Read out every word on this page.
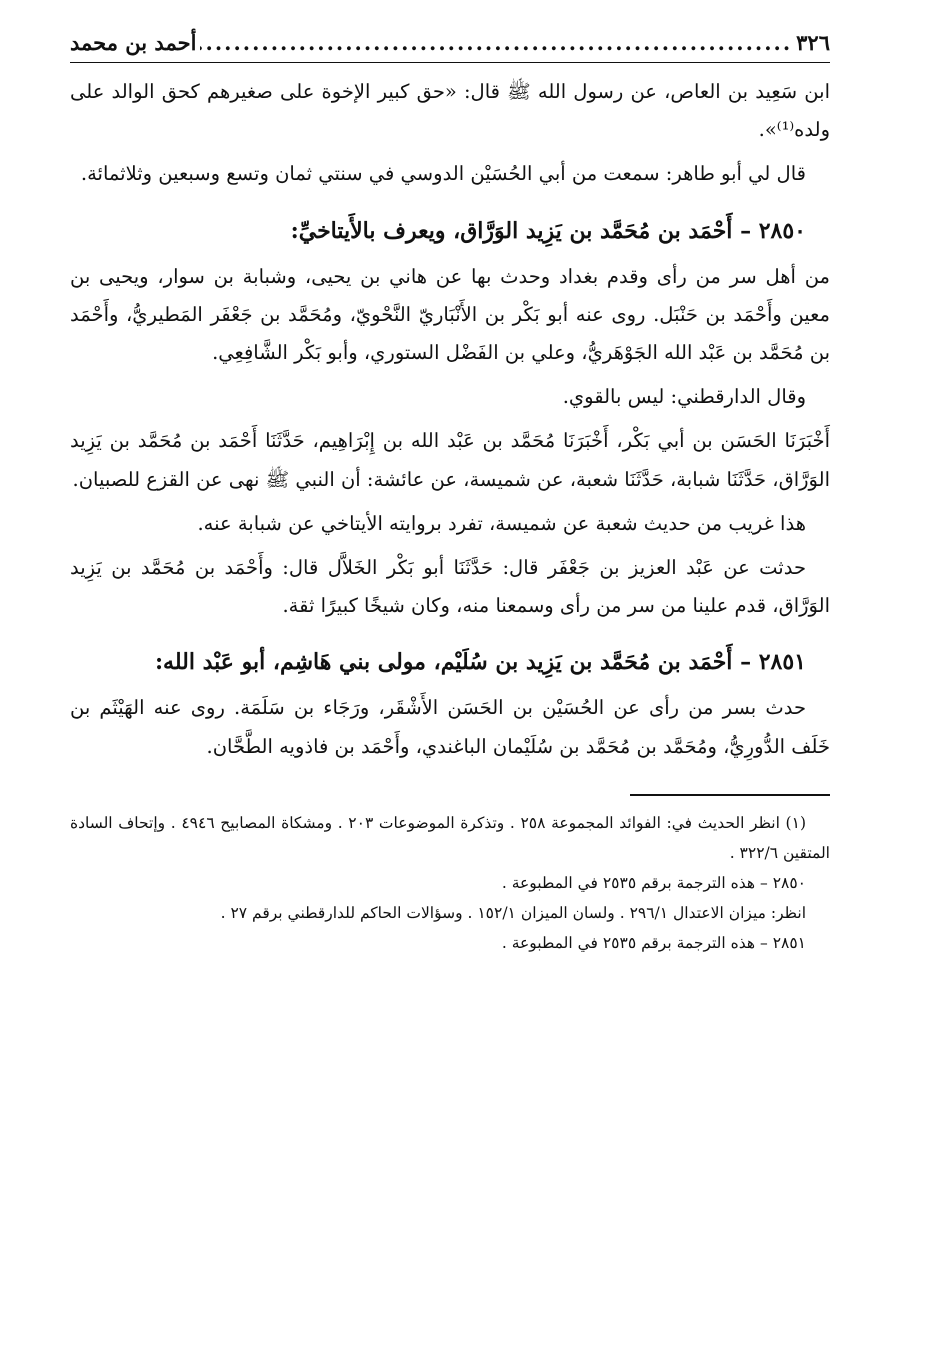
٣٢٦
.....
أحمد بن محمد

ابن سَعِيد بن العاص، عن رسول الله ﷺ قال: «حق كبير الإخوة على صغيرهم كحق الوالد على ولده⁽¹⁾».

قال لي أبو طاهر: سمعت من أبي الحُسَيْن الدوسي في سنتي ثمان وتسع وسبعين وثلاثمائة.

٢٨٥٠ – أَحْمَد بن مُحَمَّد بن يَزِيد الوَرَّاق، ويعرف بالأَيتاخيِّ:

من أهل سر من رأى وقدم بغداد وحدث بها عن هاني بن يحيى، وشبابة بن سوار، ويحيى بن معين وأَحْمَد بن حَنْبَل. روى عنه أبو بَكْر بن الأَنْبَاريّ النَّحْويّ، ومُحَمَّد بن جَعْفَر المَطيريُّ، وأَحْمَد بن مُحَمَّد بن عَبْد الله الجَوْهَريُّ، وعلي بن الفَضْل الستوري، وأبو بَكْر الشَّافِعِي.

وقال الدارقطني: ليس بالقوي.

أَخْبَرَنَا الحَسَن بن أبي بَكْر، أَخْبَرَنَا مُحَمَّد بن عَبْد الله بن إِبْرَاهِيم، حَدَّثَنَا أَحْمَد بن مُحَمَّد بن يَزِيد الوَرَّاق، حَدَّثَنَا شبابة، حَدَّثَنَا شعبة، عن شميسة، عن عائشة: أن النبي ﷺ نهى عن القزع للصبيان.

هذا غريب من حديث شعبة عن شميسة، تفرد بروايته الأيتاخي عن شبابة عنه.

حدثت عن عَبْد العزيز بن جَعْفَر قال: حَدَّثَنَا أبو بَكْر الخَلاَّل قال: وأَحْمَد بن مُحَمَّد بن يَزِيد الوَرَّاق، قدم علينا من سر من رأى وسمعنا منه، وكان شيخًا كبيرًا ثقة.

٢٨٥١ – أَحْمَد بن مُحَمَّد بن يَزِيد بن سُلَيْم، مولى بني هَاشِم، أبو عَبْد الله:

حدث بسر من رأى عن الحُسَيْن بن الحَسَن الأَشْقَر، ورَجَاء بن سَلَمَة. روى عنه الهَيْثَم بن خَلَف الدُّورِيُّ، ومُحَمَّد بن مُحَمَّد بن سُلَيْمان الباغندي، وأَحْمَد بن فاذويه الطَّحَّان.

(١) انظر الحديث في: الفوائد المجموعة ٢٥٨ . وتذكرة الموضوعات ٢٠٣ . ومشكاة المصابيح ٤٩٤٦ . وإتحاف السادة المتقين ٣٢٢/٦ .

٢٨٥٠ – هذه الترجمة برقم ٢٥٣٥ في المطبوعة .

انظر: ميزان الاعتدال ٢٩٦/١ . ولسان الميزان ١٥٢/١ . وسؤالات الحاكم للدارقطني برقم ٢٧ .

٢٨٥١ – هذه الترجمة برقم ٢٥٣٥ في المطبوعة .
